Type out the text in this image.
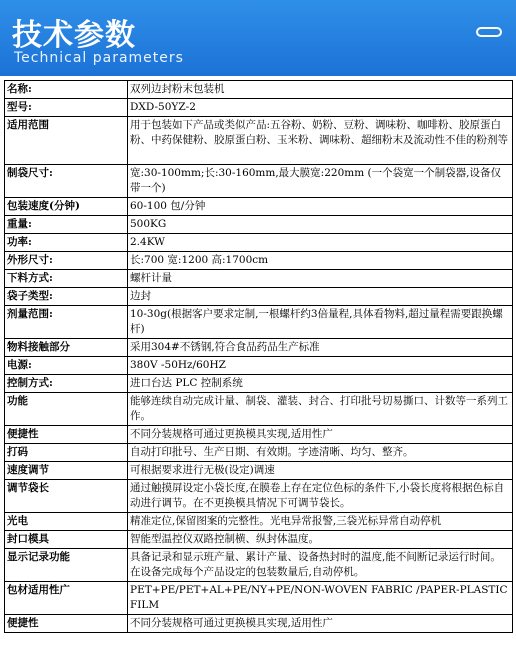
技术参数
Technical parameters
名称:	双列边封粉末包装机
型号:	DXD-50YZ-2
适用范围	用于包装如下产品或类似产品:五谷粉、奶粉、豆粉、调味粉、咖啡粉、胶原蛋白粉、中药保健粉、胶原蛋白粉、玉米粉、调味粉、超细粉末及流动性不佳的粉剂等
制袋尺寸:	宽:30-100mm;长:30-160mm,最大膜宽:220mm (一个袋宽一个制袋器,设备仅带一个)
包装速度(分钟)	60-100 包/分钟
重量:	500KG
功率:	2.4KW
外形尺寸:	长:700 宽:1200 高:1700cm
下料方式:	螺杆计量
袋子类型:	边封
剂量范围:	10-30g(根据客户要求定制,一根螺杆约3倍量程,具体看物料,超过量程需要跟换螺杆)
物料接触部分	采用304#不锈钢,符合食品药品生产标准
电源:	380V -50Hz/60HZ
控制方式:	进口台达 PLC 控制系统
功能	能够连续自动完成计量、制袋、灌装、封合、打印批号切易撕口、计数等一系列工作。
便捷性	不同分装规格可通过更换模具实现,适用性广
打码	自动打印批号、生产日期、有效期。字迹清晰、均匀、整齐。
速度调节	可根据要求进行无极(设定)调速
调节袋长	通过触摸屏设定小袋长度,在膜卷上存在定位色标的条件下,小袋长度将根据色标自动进行调节。在不更换模具情况下可调节袋长。
光电	精准定位,保留图案的完整性。光电异常报警,三袋光标异常自动停机
封口模具	智能型温控仪双路控制横、纵封体温度。
显示记录功能	具备记录和显示班产量、累计产量、设备热封时的温度,能不间断记录运行时间。在设备完成每个产品设定的包装数量后,自动停机。
包材适用性广	PET+PE/PET+AL+PE/NY+PE/NON-WOVEN FABRIC /PAPER-PLASTIC FILM
便捷性	不同分装规格可通过更换模具实现,适用性广
